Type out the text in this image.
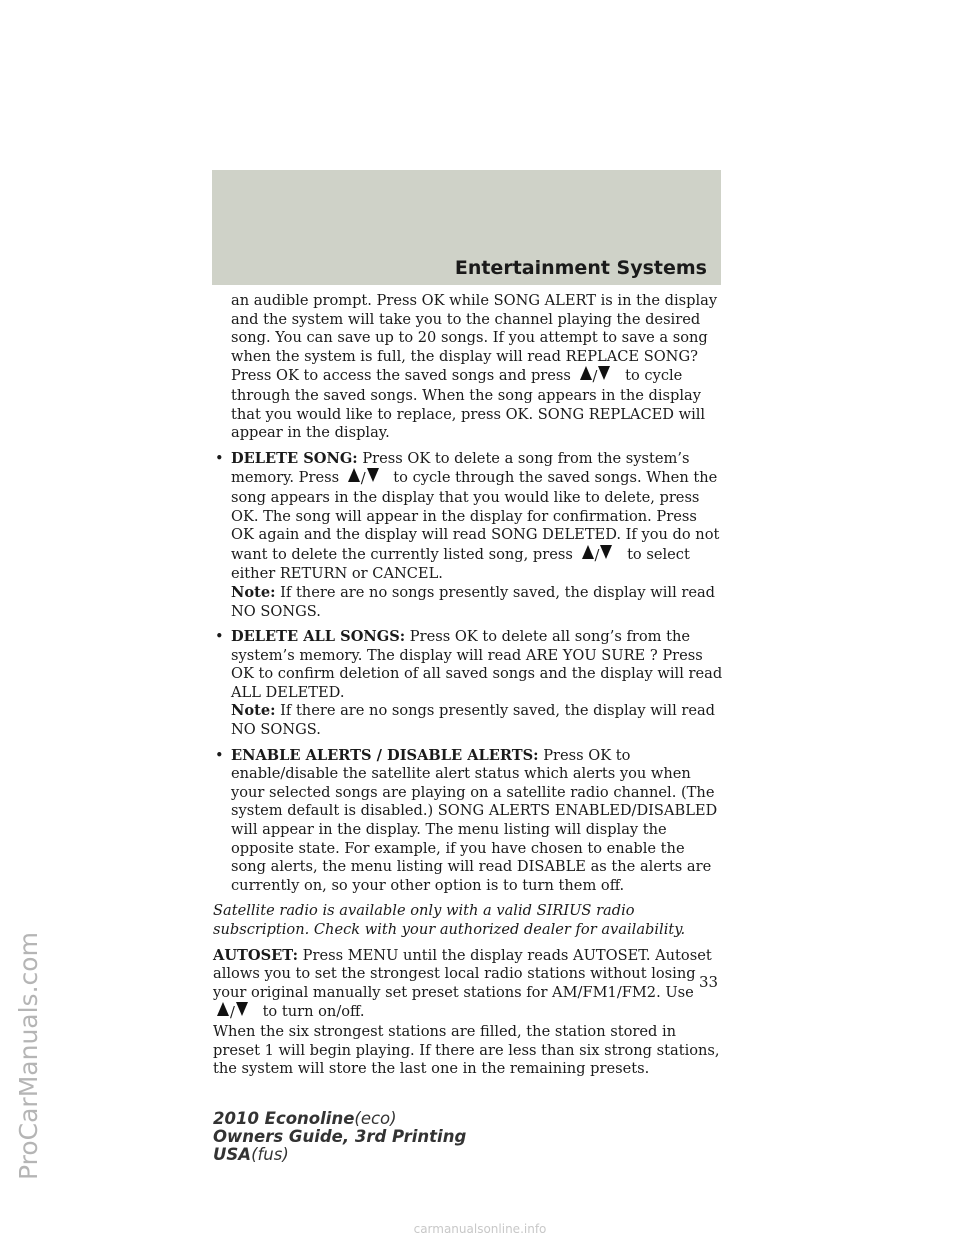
Entertainment Systems

an audible prompt. Press OK while SONG ALERT is in the display and the system will take you to the channel playing the desired song. You can save up to 20 songs. If you attempt to save a song when the system is full, the display will read REPLACE SONG? Press OK to access the saved songs and press / to cycle through the saved songs. When the song appears in the display that you would like to replace, press OK. SONG REPLACED will appear in the display.

• DELETE SONG: Press OK to delete a song from the system’s memory. Press / to cycle through the saved songs. When the song appears in the display that you would like to delete, press OK. The song will appear in the display for confirmation. Press OK again and the display will read SONG DELETED. If you do not want to delete the currently listed song, press / to select either RETURN or CANCEL.
Note: If there are no songs presently saved, the display will read NO SONGS.

• DELETE ALL SONGS: Press OK to delete all song’s from the system’s memory. The display will read ARE YOU SURE ? Press OK to confirm deletion of all saved songs and the display will read ALL DELETED.
Note: If there are no songs presently saved, the display will read NO SONGS.

• ENABLE ALERTS / DISABLE ALERTS: Press OK to enable/disable the satellite alert status which alerts you when your selected songs are playing on a satellite radio channel. (The system default is disabled.) SONG ALERTS ENABLED/DISABLED will appear in the display. The menu listing will display the opposite state. For example, if you have chosen to enable the song alerts, the menu listing will read DISABLE as the alerts are currently on, so your other option is to turn them off.

Satellite radio is available only with a valid SIRIUS radio subscription. Check with your authorized dealer for availability.

AUTOSET: Press MENU until the display reads AUTOSET. Autoset allows you to set the strongest local radio stations without losing your original manually set preset stations for AM/FM1/FM2. Use / to turn on/off.
When the six strongest stations are filled, the station stored in preset 1 will begin playing. If there are less than six strong stations, the system will store the last one in the remaining presets.

33
2010 Econoline(eco)
Owners Guide, 3rd Printing
USA(fus)
ProCarManuals.com
carmanualsonline.info
